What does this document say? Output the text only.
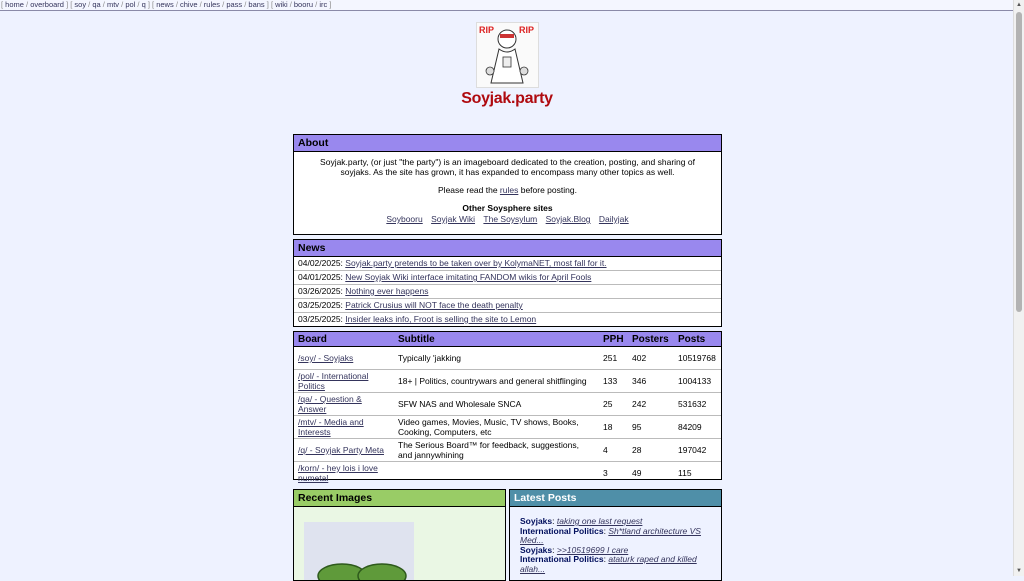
[ home / overboard ] [ soy / qa / mtv / pol / q ] [ news / chive / rules / pass / bans ] [ wiki / booru / irc ]	▲
▼
RIP	RIP
Soyjak.party
About

Soyjak.party, (or just "the party") is an imageboard dedicated to the creation, posting, and sharing of soyjaks. As the site has grown, it has expanded to encompass many other topics as well.

Please read the rules before posting.

Other Soysphere sites
Soybooru Soyjak Wiki The Soysylum Soyjak.Blog Dailyjak
News
04/02/2025: Soyjak.party pretends to be taken over by KolymaNET, most fall for it.
04/01/2025: New Soyjak Wiki interface imitating FANDOM wikis for April Fools
03/26/2025: Nothing ever happens
03/25/2025: Patrick Crusius will NOT face the death penalty
03/25/2025: Insider leaks info, Froot is selling the site to Lemon
Board	Subtitle	PPH	Posters	Posts
/soy/ - Soyjaks	Typically 'jakking	251	402	10519768
/pol/ - International Politics	18+ | Politics, countrywars and general shitflinging	133	346	1004133
/qa/ - Question & Answer	SFW NAS and Wholesale SNCA	25	242	531632
/mtv/ - Media and Interests	Video games, Movies, Music, TV shows, Books, Cooking, Computers, etc	18	95	84209
/q/ - Soyjak Party Meta	The Serious Board™ for feedback, suggestions, and jannywhining	4	28	197042
/korn/ - hey lois i love numetal		3	49	115
Recent Images	Latest Posts
Soyjaks: taking one last request
International Politics: Sh*tland architecture VS Med...
Soyjaks: >>10519699 I care
International Politics: ataturk raped and killed allah...
